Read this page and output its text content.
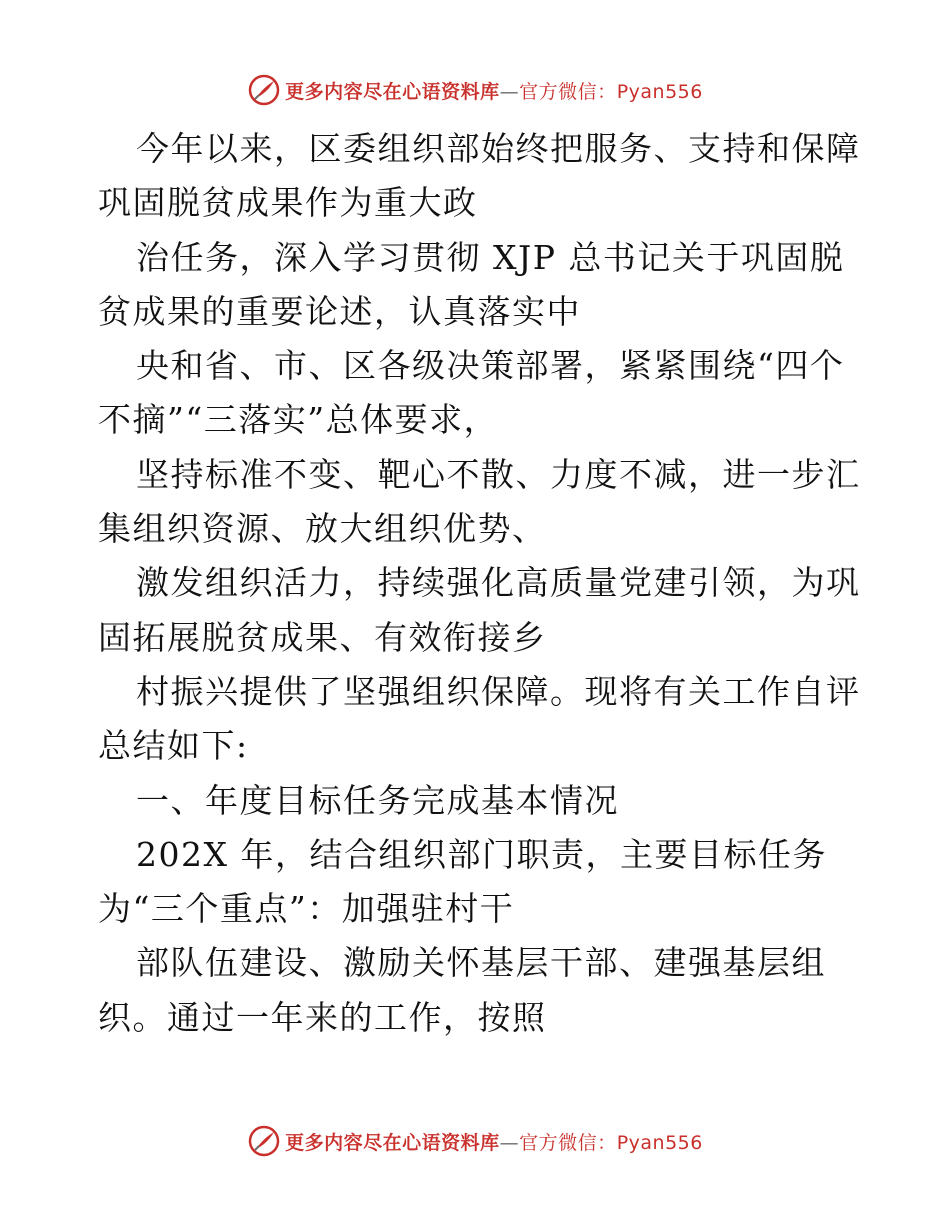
更多内容尽在心语资料库—官方微信：Pyan556
今年以来，区委组织部始终把服务、支持和保障
巩固脱贫成果作为重大政
治任务，深入学习贯彻 XJP 总书记关于巩固脱
贫成果的重要论述，认真落实中
央和省、市、区各级决策部署，紧紧围绕“四个
不摘”“三落实”总体要求，
坚持标准不变、靶心不散、力度不减，进一步汇
集组织资源、放大组织优势、
激发组织活力，持续强化高质量党建引领，为巩
固拓展脱贫成果、有效衔接乡
村振兴提供了坚强组织保障。现将有关工作自评
总结如下:
一、年度目标任务完成基本情况
202X 年，结合组织部门职责，主要目标任务
为“三个重点”：加强驻村干
部队伍建设、激励关怀基层干部、建强基层组
织。通过一年来的工作，按照
更多内容尽在心语资料库—官方微信：Pyan556
